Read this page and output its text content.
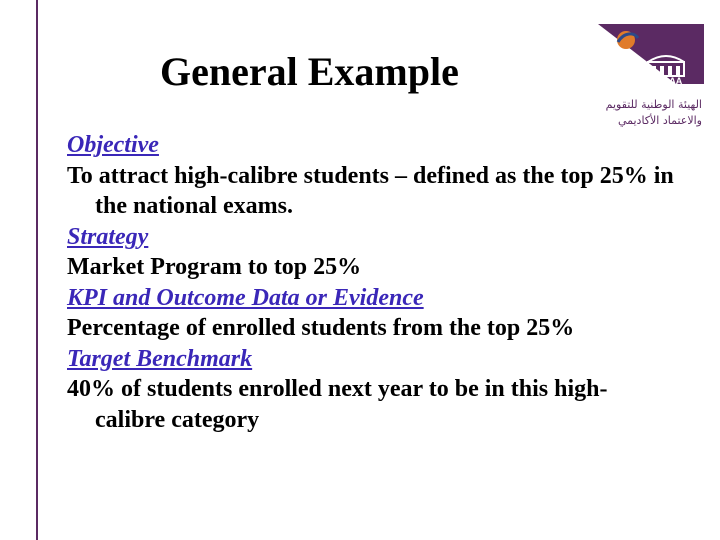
General Example	NCAAA
الهيئة الوطنية للتقويم
والاعتماد الأكاديمي
Objective
To attract high-calibre students – defined as the top 25% in the national exams.
Strategy
Market Program to top 25%
KPI and Outcome Data or Evidence
Percentage of enrolled students from the top 25%
Target Benchmark
40% of students enrolled next year to be in this high-calibre category
